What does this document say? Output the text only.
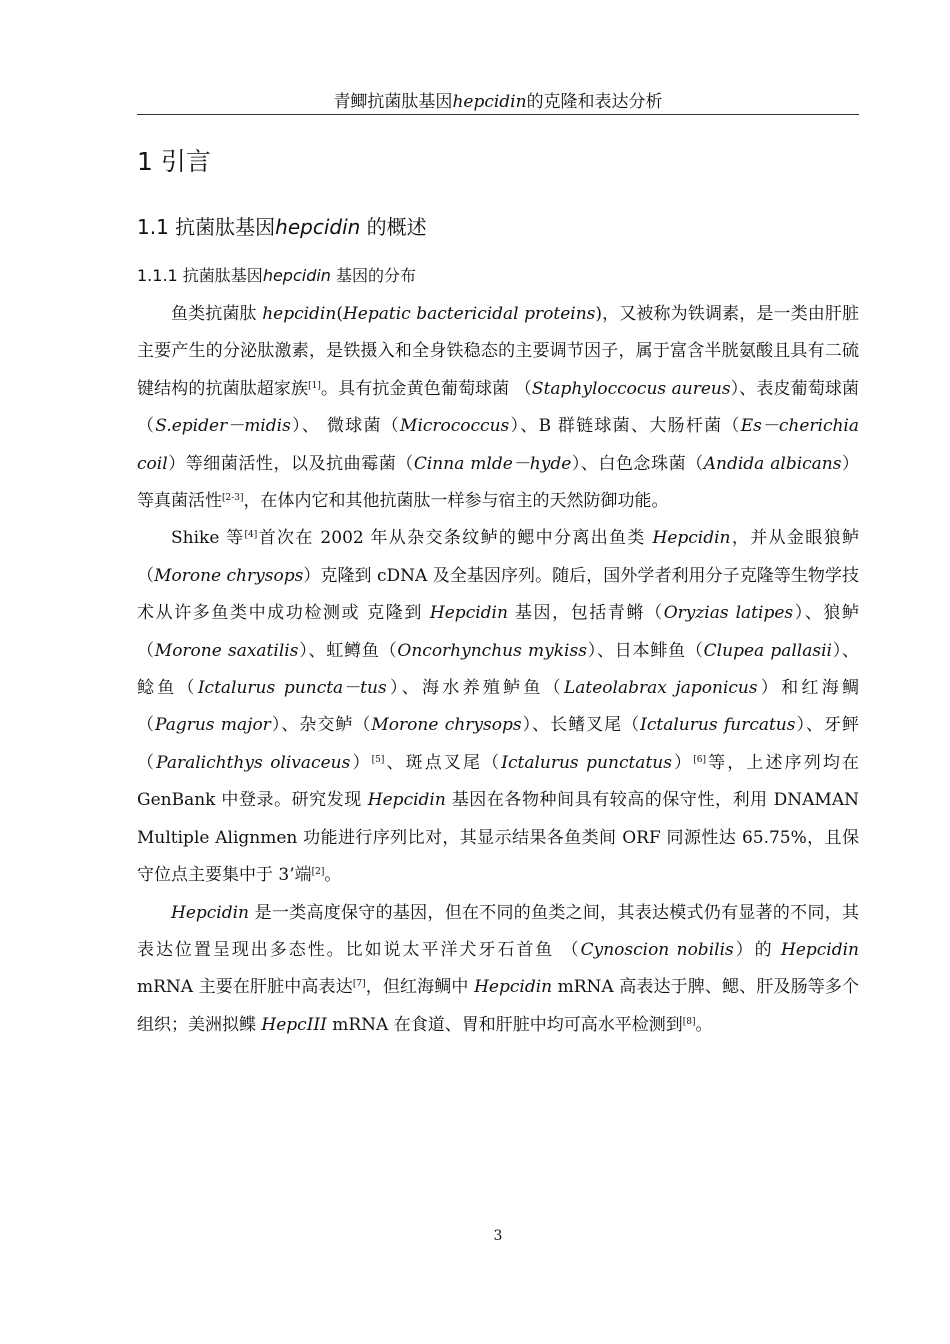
青鲫抗菌肽基因hepcidin的克隆和表达分析
1 引言
1.1 抗菌肽基因hepcidin 的概述
1.1.1 抗菌肽基因hepcidin 基因的分布

鱼类抗菌肽 hepcidin(Hepatic bactericidal proteins)，又被称为铁调素，是一类由肝脏主要产生的分泌肽激素，是铁摄入和全身铁稳态的主要调节因子，属于富含半胱氨酸且具有二硫键结构的抗菌肽超家族[1]。具有抗金黄色葡萄球菌 （Staphyloccocus aureus）、表皮葡萄球菌（S.epider－midis）、 微球菌（Micrococcus）、B 群链球菌、大肠杆菌（Es－cherichia coil）等细菌活性，以及抗曲霉菌（Cinna mlde－hyde）、白色念珠菌（Andida albicans）等真菌活性[2-3]，在体内它和其他抗菌肽一样参与宿主的天然防御功能。

Shike 等[4]首次在 2002 年从杂交条纹鲈的鳃中分离出鱼类 Hepcidin，并从金眼狼鲈（Morone chrysops）克隆到 cDNA 及全基因序列。随后，国外学者利用分子克隆等生物学技术从许多鱼类中成功检测或 克隆到 Hepcidin 基因，包括青鳉（Oryzias latipes）、狼鲈（Morone saxatilis）、虹鳟鱼（Oncorhynchus mykiss）、日本鲱鱼（Clupea pallasii）、鲶鱼（Ictalurus puncta－tus）、海水养殖鲈鱼（Lateolabrax japonicus）和红海鲷（Pagrus major）、杂交鲈（Morone chrysops）、长鳍叉尾（Ictalurus furcatus）、牙鲆（Paralichthys olivaceus）[5]、斑点叉尾（Ictalurus punctatus）[6]等，上述序列均在 GenBank 中登录。研究发现 Hepcidin 基因在各物种间具有较高的保守性，利用 DNAMAN Multiple Alignmen 功能进行序列比对，其显示结果各鱼类间 ORF 同源性达 65.75%，且保守位点主要集中于 3’端[2]。

Hepcidin 是一类高度保守的基因，但在不同的鱼类之间，其表达模式仍有显著的不同，其表达位置呈现出多态性。比如说太平洋犬牙石首鱼 （Cynoscion nobilis）的 Hepcidin mRNA 主要在肝脏中高表达[7]，但红海鲷中 Hepcidin mRNA 高表达于脾、鳃、肝及肠等多个组织；美洲拟鲽 HepcIII mRNA 在食道、胃和肝脏中均可高水平检测到[8]。

3
